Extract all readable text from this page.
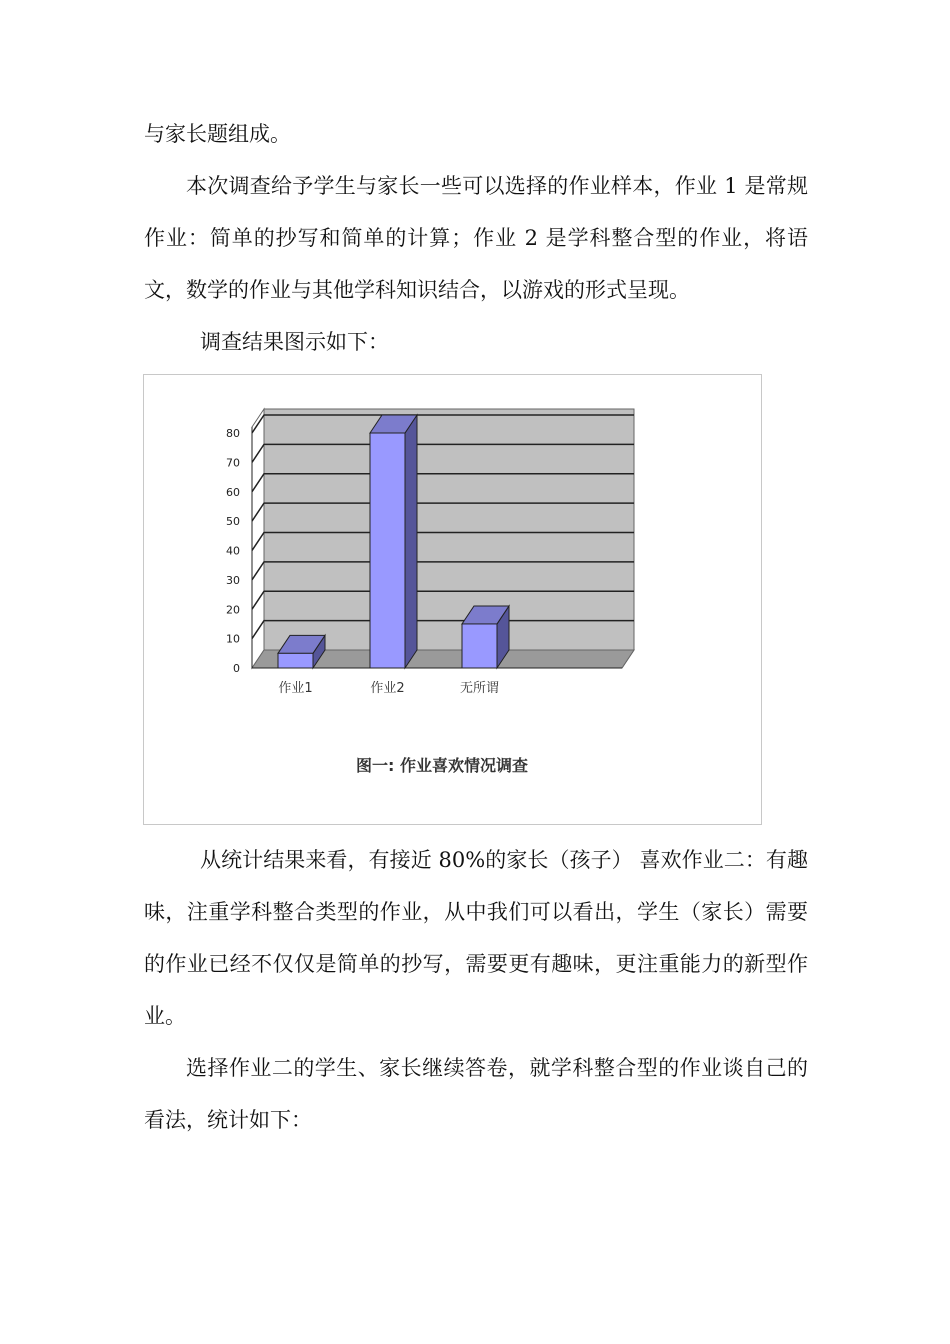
与家长题组成。

本次调查给予学生与家长一些可以选择的作业样本，作业 1 是常规作业：简单的抄写和简单的计算；作业 2 是学科整合型的作业，将语文，数学的作业与其他学科知识结合，以游戏的形式呈现。

调查结果图示如下：

0
10
20
30
40
50
60
70
80
作业1	作业2	无所谓
图一: 作业喜欢情况调查

从统计结果来看，有接近 80%的家长（孩子） 喜欢作业二：有趣味，注重学科整合类型的作业，从中我们可以看出，学生（家长）需要的作业已经不仅仅是简单的抄写，需要更有趣味，更注重能力的新型作业。

选择作业二的学生、家长继续答卷，就学科整合型的作业谈自己的看法，统计如下：
